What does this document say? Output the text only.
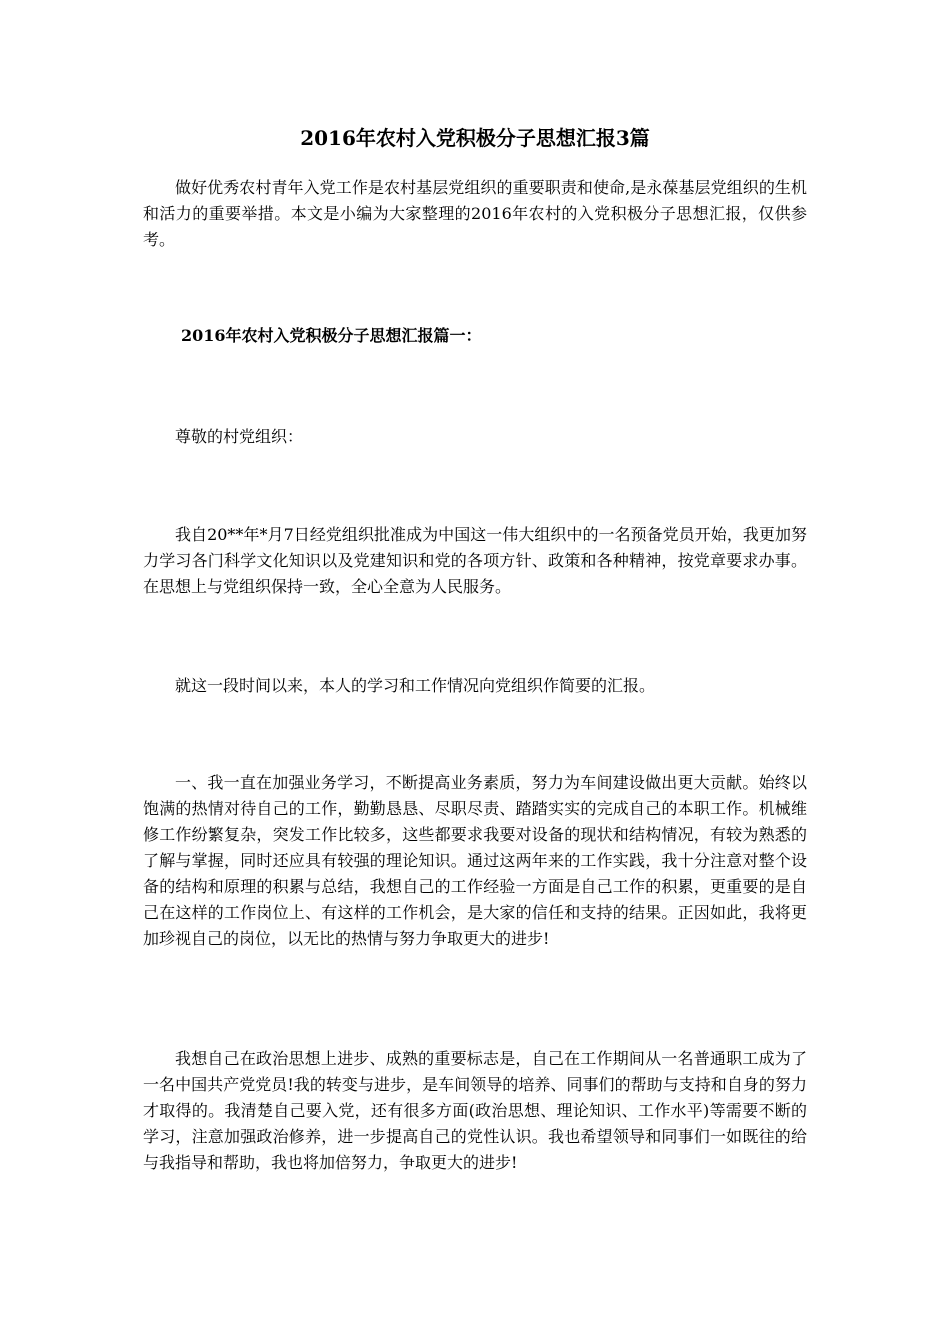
2016年农村入党积极分子思想汇报3篇

做好优秀农村青年入党工作是农村基层党组织的重要职责和使命,是永葆基层党组织的生机和活力的重要举措。本文是小编为大家整理的2016年农村的入党积极分子思想汇报，仅供参考。

2016年农村入党积极分子思想汇报篇一：

尊敬的村党组织：

我自20**年*月7日经党组织批准成为中国这一伟大组织中的一名预备党员开始，我更加努力学习各门科学文化知识以及党建知识和党的各项方针、政策和各种精神，按党章要求办事。在思想上与党组织保持一致，全心全意为人民服务。

就这一段时间以来，本人的学习和工作情况向党组织作简要的汇报。

一、我一直在加强业务学习，不断提高业务素质，努力为车间建设做出更大贡献。始终以饱满的热情对待自己的工作，勤勤恳恳、尽职尽责、踏踏实实的完成自己的本职工作。机械维修工作纷繁复杂，突发工作比较多，这些都要求我要对设备的现状和结构情况，有较为熟悉的了解与掌握，同时还应具有较强的理论知识。通过这两年来的工作实践，我十分注意对整个设备的结构和原理的积累与总结，我想自己的工作经验一方面是自己工作的积累，更重要的是自己在这样的工作岗位上、有这样的工作机会，是大家的信任和支持的结果。正因如此，我将更加珍视自己的岗位，以无比的热情与努力争取更大的进步!

我想自己在政治思想上进步、成熟的重要标志是，自己在工作期间从一名普通职工成为了一名中国共产党党员!我的转变与进步，是车间领导的培养、同事们的帮助与支持和自身的努力才取得的。我清楚自己要入党，还有很多方面(政治思想、理论知识、工作水平)等需要不断的学习，注意加强政治修养，进一步提高自己的党性认识。我也希望领导和同事们一如既往的给与我指导和帮助，我也将加倍努力，争取更大的进步!
